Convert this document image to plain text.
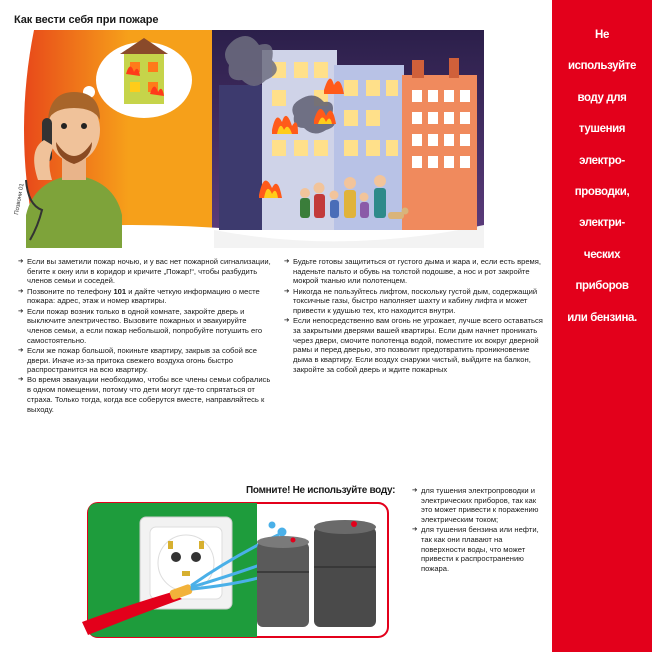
Как вести себя при пожаре
Позвони 01
➔ Если вы заметили пожар ночью, и у вас нет пожарной сигнализации, бегите к окну или в коридор и кричите „Пожар!“, чтобы разбудить членов семьи и соседей.
➔ Позвоните по телефону 101 и дайте четкую информацию о месте пожара: адрес, этаж и номер квартиры.
➔ Если пожар возник только в одной комнате, закройте дверь и выключите электричество. Вызовите пожарных и эвакуируйте членов семьи, а если пожар небольшой, попробуйте потушить его самостоятельно.
➔ Если же пожар большой, покиньте квартиру, закрыв за собой все двери. Иначе из-за притока свежего воздуха огонь быстро распространится на всю квартиру.
➔ Во время эвакуации необходимо, чтобы все члены семьи собрались в одном помещении, потому что дети могут где-то спрятаться от страха. Только тогда, когда все соберутся вместе, направляйтесь к выходу.
➔ Будьте готовы защититься от густого дыма и жара и, если есть время, наденьте пальто и обувь на толстой подошве, а нос и рот закройте мокрой тканью или полотенцем.
➔ Никогда не пользуйтесь лифтом, поскольку густой дым, содержащий токсичные газы, быстро наполняет шахту и кабину лифта и может привести к удушью тех, кто находится внутри.
➔ Если непосредственно вам огонь не угрожает, лучше всего оставаться за закрытыми дверями вашей квартиры. Если дым начнет проникать через двери, смочите полотенца водой, поместите их вокруг дверной рамы и перед дверью, это позволит предотвратить проникновение дыма в квартиру. Если воздух снаружи чистый, выйдите на балкон, закройте за собой дверь и ждите пожарных
Не
используйте
воду для
тушения
электро-
проводки,
электри-
ческих
приборов
или бензина.
Помните! Не используйте воду:
➔	для тушения электропроводки и электрических приборов, так как это может привести к поражению электрическим током;
➔ для тушения бензина или нефти, так как они плавают на поверхности воды, что может привести к распространению пожара.
